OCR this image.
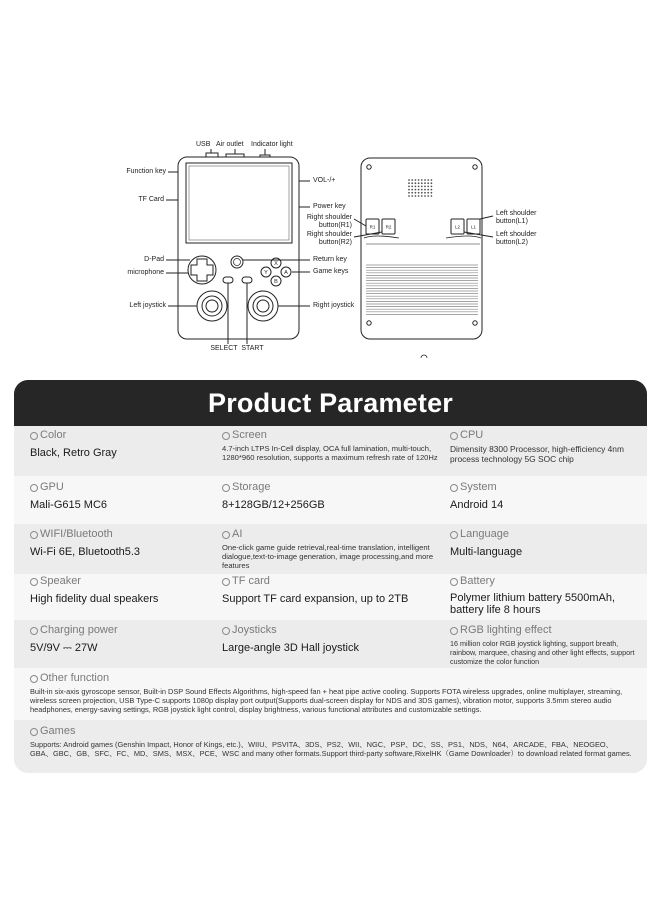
X
Y	A
B
R1 R2	L2 L1
USB Air outlet Indicator light
Function key
TF Card
VOL-/+
Power key
D-Pad
microphone
Return key
Game keys
Left joystick	Right joystick
SELECT  START
Right shoulder
button(R1)
Right shoulder
button(R2)
Left shoulder
button(L1)
Left shoulder
button(L2)
Product Parameter
Color
Black, Retro Gray
Screen
4.7-inch LTPS In-Cell display, OCA full lamination, multi-touch, 1280*960 resolution, supports a maximum refresh rate of 120Hz
CPU
Dimensity 8300 Processor, high-efficiency 4nm process technology 5G SOC chip
GPU
Mali-G615 MC6
Storage
8+128GB/12+256GB
System
Android 14
WIFI/Bluetooth
Wi-Fi 6E, Bluetooth5.3
AI
One-click game guide retrieval,real-time translation, intelligent dialogue,text-to-image generation, image processing,and more features
Language
Multi-language
Speaker
High fidelity dual speakers
TF card
Support TF card expansion, up to 2TB
Battery
Polymer lithium battery 5500mAh, battery life 8 hours
Charging power
5V/9V ⎓ 27W
Joysticks
Large-angle 3D Hall joystick
RGB lighting effect
16 million color RGB joystick lighting, support breath, rainbow, marquee, chasing and other light effects, support customize the color function
Other function
Built-in six-axis gyroscope sensor, Built-in DSP Sound Effects Algorithms, high-speed fan + heat pipe active cooling. Supports FOTA wireless upgrades, online multiplayer, streaming, wireless screen projection, USB Type-C supports 1080p display port output(Supports dual-screen display for NDS and 3DS games), vibration motor, supports 3.5mm stereo audio headphones, energy-saving settings, RGB joystick light control, display brightness, various functional attributes and customizable settings.
Games
Supports: Android games (Genshin Impact, Honor of Kings, etc.)、WIIU、PSVITA、3DS、PS2、WII、NGC、PSP、DC、SS、PS1、NDS、N64、ARCADE、FBA、NEOGEO、GBA、GBC、GB、SFC、FC、MD、SMS、MSX、PCE、WSC and many other formats.Support third-party software,RixelHK（Game Downloader）to download related format games.
